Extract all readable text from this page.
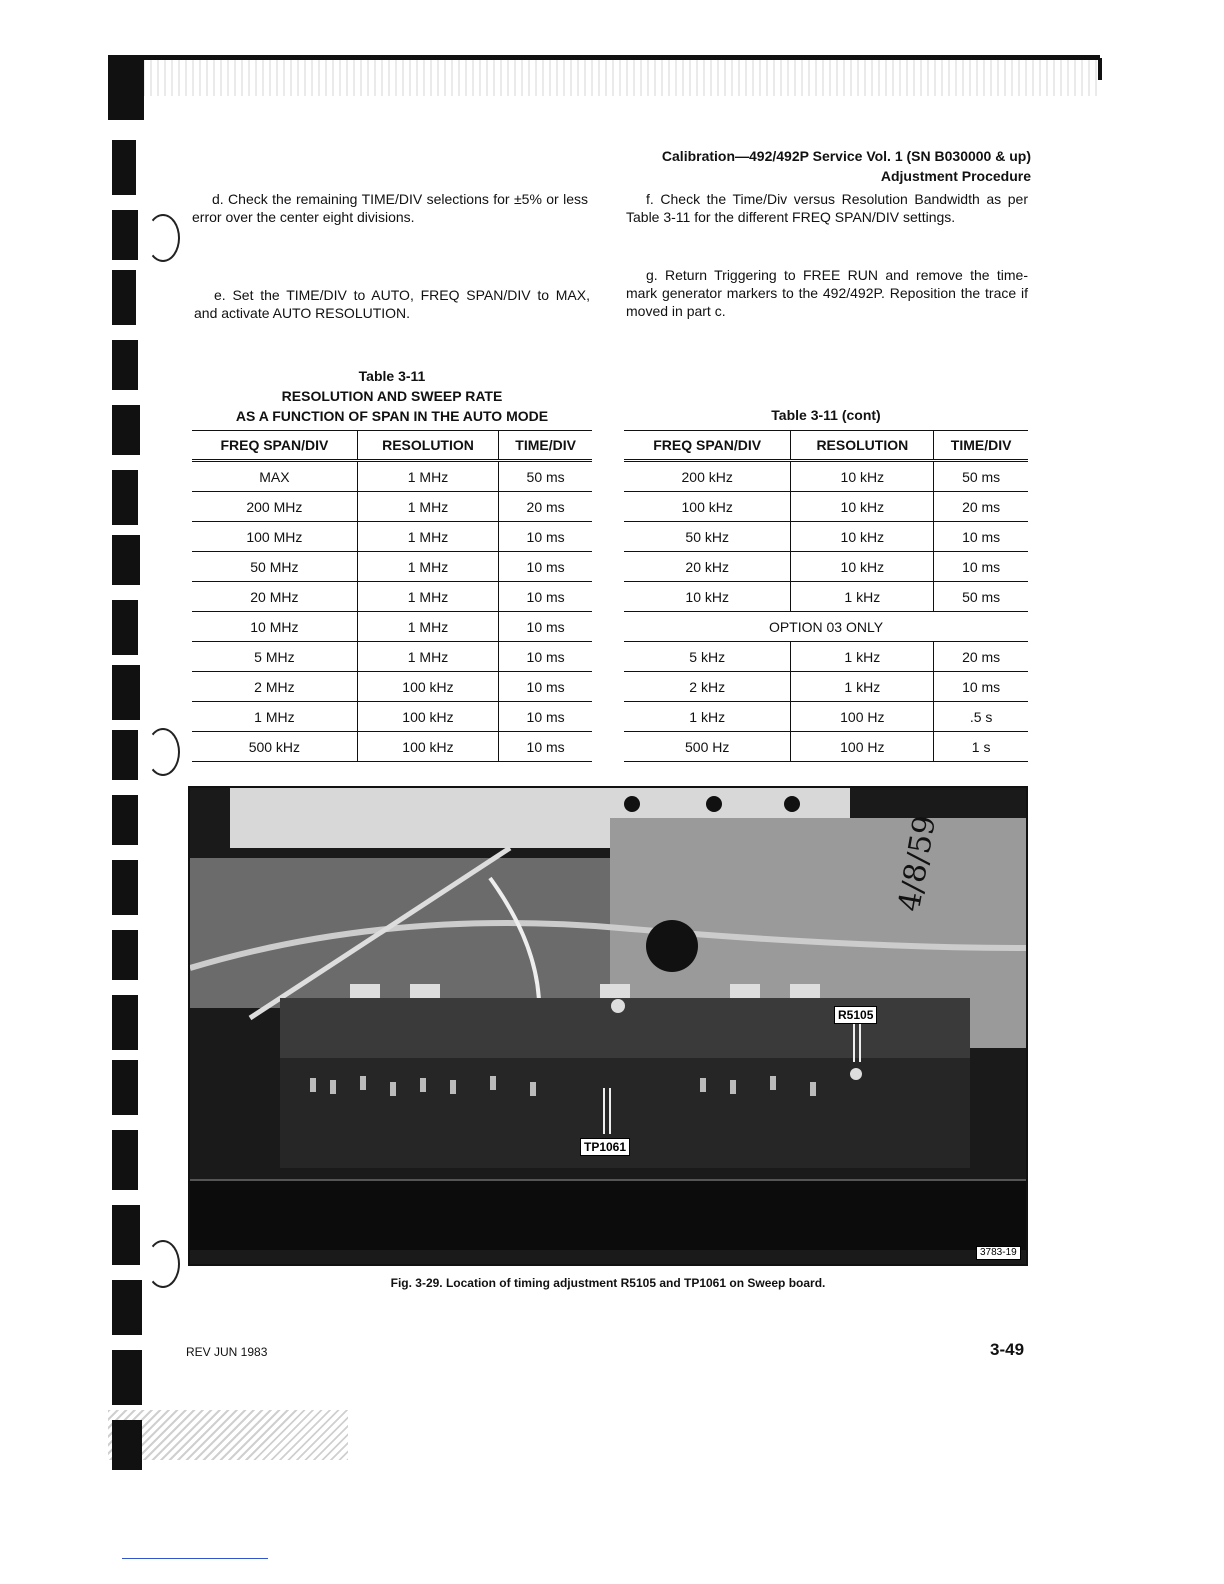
Calibration—492/492P Service Vol. 1 (SN B030000 & up)
Adjustment Procedure
d. Check the remaining TIME/DIV selections for ±5% or less error over the center eight divisions.
e. Set the TIME/DIV to AUTO, FREQ SPAN/DIV to MAX, and activate AUTO RESOLUTION.
f. Check the Time/Div versus Resolution Bandwidth as per Table 3-11 for the different FREQ SPAN/DIV settings.
g. Return Triggering to FREE RUN and remove the time-mark generator markers to the 492/492P. Reposition the trace if moved in part c.
Table 3-11
RESOLUTION AND SWEEP RATE
AS A FUNCTION OF SPAN IN THE AUTO MODE
FREQ SPAN/DIV	RESOLUTION	TIME/DIV
MAX	1 MHz	50 ms
200 MHz	1 MHz	20 ms
100 MHz	1 MHz	10 ms
50 MHz	1 MHz	10 ms
20 MHz	1 MHz	10 ms
10 MHz	1 MHz	10 ms
5 MHz	1 MHz	10 ms
2 MHz	100 kHz	10 ms
1 MHz	100 kHz	10 ms
500 kHz	100 kHz	10 ms
Table 3-11 (cont)
FREQ SPAN/DIV	RESOLUTION	TIME/DIV
200 kHz	10 kHz	50 ms
100 kHz	10 kHz	20 ms
50 kHz	10 kHz	10 ms
20 kHz	10 kHz	10 ms
10 kHz	1 kHz	50 ms
OPTION 03 ONLY		
5 kHz	1 kHz	20 ms
2 kHz	1 kHz	10 ms
1 kHz	100 Hz	.5 s
500 Hz	100 Hz	1 s
R5105
TP1061
3783-19
4/8/59
Fig. 3-29. Location of timing adjustment R5105 and TP1061 on Sweep board.
REV JUN 1983	3-49
